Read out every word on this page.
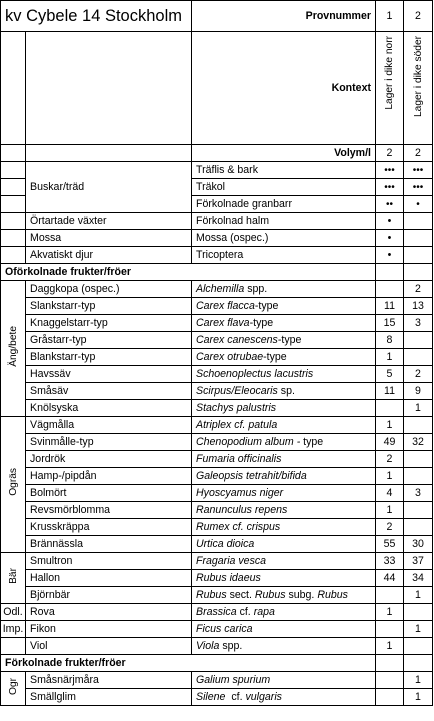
kv Cybele 14 Stockholm		Provnummer	1	2
		Kontext	Lager i dike norr	Lager i dike söder
		Volym/l	2	2
	Buskar/träd	Träflis & bark	•••	•••
		Träkol	•••	•••
		Förkolnade granbarr	••	•
	Örtartade växter	Förkolnad halm	•	
	Mossa	Mossa (ospec.)	•	
	Akvatiskt djur	Tricoptera	•	
Oförkolnade frukter/fröer				
Äng/bete	Daggkopa (ospec.)	Alchemilla spp.		2
	Slankstarr-typ	Carex flacca-type	11	13
	Knaggelstarr-typ	Carex flava-type	15	3
	Gråstarr-typ	Carex canescens-type	8	
	Blankstarr-typ	Carex otrubae-type	1	
	Havssäv	Schoenoplectus lacustris	5	2
	Småsäv	Scirpus/Eleocaris sp.	11	9
	Knölsyska	Stachys palustris		1
Ogräs	Vägmålla	Atriplex cf. patula	1	
	Svinmålle-typ	Chenopodium album - type	49	32
	Jordrök	Fumaria officinalis	2	
	Hamp-/pipdån	Galeopsis tetrahit/bifida	1	
	Bolmört	Hyoscyamus niger	4	3
	Revsmörblomma	Ranunculus repens	1	
	Krusskräppa	Rumex cf. crispus	2	
	Brännässla	Urtica dioica	55	30
Bär	Smultron	Fragaria vesca	33	37
	Hallon	Rubus idaeus	44	34
	Björnbär	Rubus sect. Rubus subg. Rubus		1
Odl.	Rova	Brassica cf. rapa	1	
Imp.	Fikon	Ficus carica		1
	Viol	Viola spp.	1	
Förkolnade frukter/fröer				
Ogr	Småsnärjmåra	Galium spurium		1
	Smällglim	Silene  cf. vulgaris		1
